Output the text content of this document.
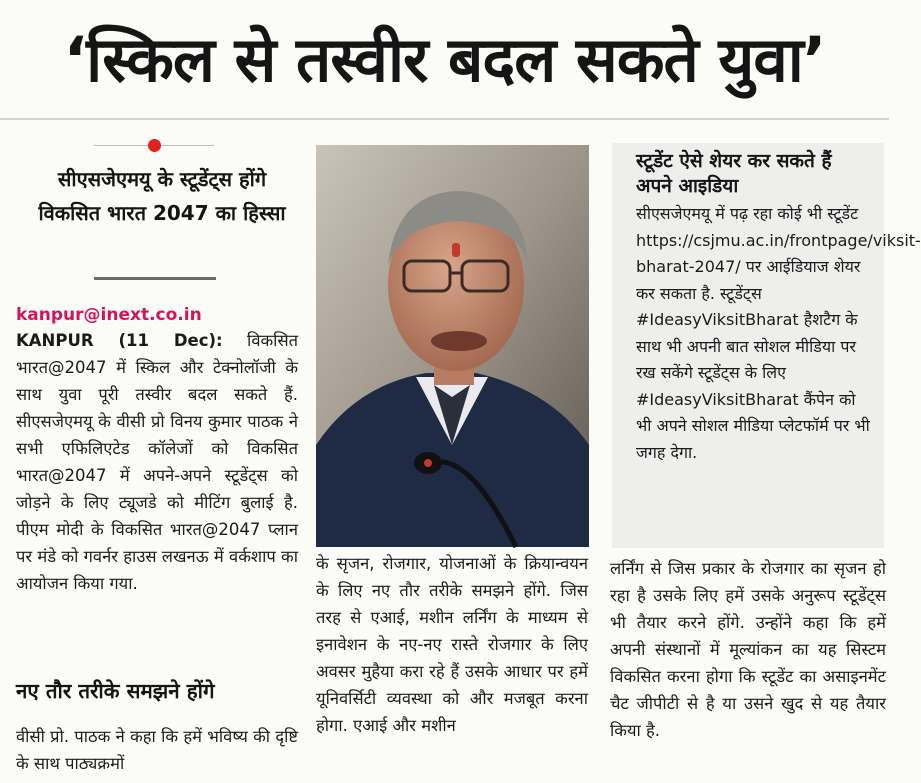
‘स्किल से तस्वीर बदल सकते युवा’
सीएसजेएमयू के स्टूडेंट्स होंगे विकसित भारत 2047 का हिस्सा
kanpur@inext.co.in

KANPUR (11 Dec): विकसित भारत@2047 में स्किल और टेक्नोलॉजी के साथ युवा पूरी तस्वीर बदल सकते हैं. सीएसजेएमयू के वीसी प्रो विनय कुमार पाठक ने सभी एफिलिएटेड कॉलेजों को विकसित भारत@2047 में अपने-अपने स्टूडेंट्स को जोड़ने के लिए ट्यूजडे को मीटिंग बुलाई है. पीएम मोदी के विकसित भारत@2047 प्लान पर मंडे को गवर्नर हाउस लखनऊ में वर्कशाप का आयोजन किया गया.

नए तौर तरीके समझने होंगे

वीसी प्रो. पाठक ने कहा कि हमें भविष्य की दृष्टि के साथ पाठ्यक्रमों

के सृजन, रोजगार, योजनाओं के क्रियान्वयन के लिए नए तौर तरीके समझने होंगे. जिस तरह से एआई, मशीन लर्निंग के माध्यम से इनावेशन के नए-नए रास्ते रोजगार के लिए अवसर मुहैया करा रहे हैं उसके आधार पर हमें यूनिवर्सिटी व्यवस्था को और मजबूत करना होगा. एआई और मशीन

स्टूडेंट ऐसे शेयर कर सकते हैं अपने आइडिया
सीएसजेएमयू में पढ़ रहा कोई भी स्टूडेंट https://csjmu.ac.in/frontpage/viksit-bharat-2047/ पर आईडियाज शेयर कर सकता है. स्टूडेंट्स #IdeasyViksitBharat हैशटैग के साथ भी अपनी बात सोशल मीडिया पर रख सकेंगे स्टूडेंट्स के लिए #IdeasyViksitBharat कैंपेन को भी अपने सोशल मीडिया प्लेटफॉर्म पर भी जगह देगा.

लर्निंग से जिस प्रकार के रोजगार का सृजन हो रहा है उसके लिए हमें उसके अनुरूप स्टूडेंट्स भी तैयार करने होंगे. उन्होंने कहा कि हमें अपनी संस्थानों में मूल्यांकन का यह सिस्टम विकसित करना होगा कि स्टूडेंट का असाइनमेंट चैट जीपीटी से है या उसने खुद से यह तैयार किया है.
